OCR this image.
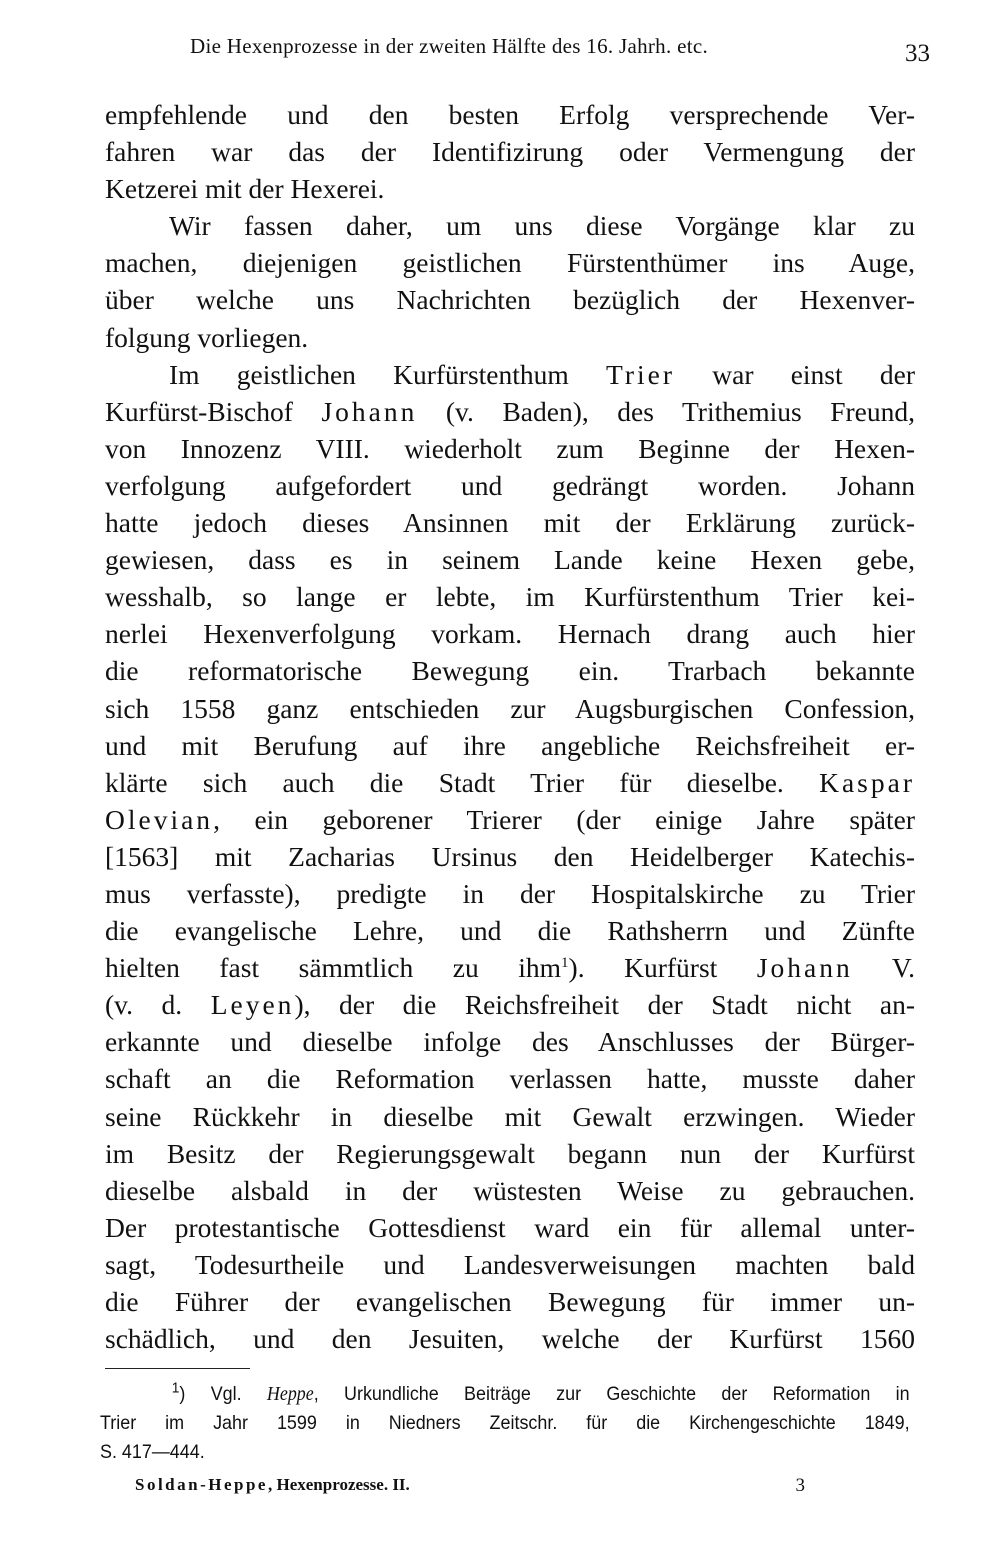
Die Hexenprozesse in der zweiten Hälfte des 16. Jahrh. etc.	33
empfehlende und den besten Erfolg versprechende Ver-
fahren war das der Identifizirung oder Vermengung der
Ketzerei mit der Hexerei.
Wir fassen daher, um uns diese Vorgänge klar zu
machen, diejenigen geistlichen Fürstenthümer ins Auge,
über welche uns Nachrichten bezüglich der Hexenver-
folgung vorliegen.
Im geistlichen Kurfürstenthum Trier war einst der
Kurfürst-Bischof Johann (v. Baden), des Trithemius Freund,
von Innozenz VIII. wiederholt zum Beginne der Hexen-
verfolgung aufgefordert und gedrängt worden. Johann
hatte jedoch dieses Ansinnen mit der Erklärung zurück-
gewiesen, dass es in seinem Lande keine Hexen gebe,
wesshalb, so lange er lebte, im Kurfürstenthum Trier kei-
nerlei Hexenverfolgung vorkam. Hernach drang auch hier
die reformatorische Bewegung ein. Trarbach bekannte
sich 1558 ganz entschieden zur Augsburgischen Confession,
und mit Berufung auf ihre angebliche Reichsfreiheit er-
klärte sich auch die Stadt Trier für dieselbe. Kaspar
Olevian, ein geborener Trierer (der einige Jahre später
[1563] mit Zacharias Ursinus den Heidelberger Katechis-
mus verfasste), predigte in der Hospitalskirche zu Trier
die evangelische Lehre, und die Rathsherrn und Zünfte
hielten fast sämmtlich zu ihm$^1$). Kurfürst Johann V.
(v. d. Leyen), der die Reichsfreiheit der Stadt nicht an-
erkannte und dieselbe infolge des Anschlusses der Bürger-
schaft an die Reformation verlassen hatte, musste daher
seine Rückkehr in dieselbe mit Gewalt erzwingen. Wieder
im Besitz der Regierungsgewalt begann nun der Kurfürst
dieselbe alsbald in der wüstesten Weise zu gebrauchen.
Der protestantische Gottesdienst ward ein für allemal unter-
sagt, Todesurtheile und Landesverweisungen machten bald
die Führer der evangelischen Bewegung für immer un-
schädlich, und den Jesuiten, welche der Kurfürst 1560
$^1$) Vgl. Heppe, Urkundliche Beiträge zur Geschichte der Reformation in
Trier im Jahr 1599 in Niedners Zeitschr. für die Kirchengeschichte 1849,
S. 417—444.
Soldan-Heppe, Hexenprozesse. II.	3
